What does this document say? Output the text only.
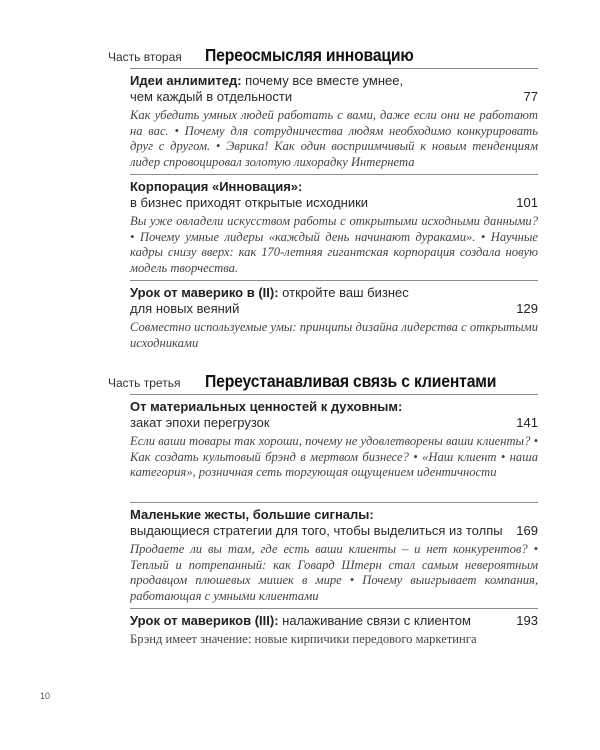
Часть вторая Переосмысляя инновацию
Идеи анлимитед: почему все вместе умнее,
чем каждый в отдельности	77
Как убедить умных людей работать с вами, даже если они не работают на вас. • Почему для сотрудничества людям необходимо конкурировать друг с другом. • Эврика! Как один восприимчивый к новым тенденциям лидер спровоцировал золотую лихорадку Интернета
Корпорация «Инновация»:
в бизнес приходят открытые исходники	101
Вы уже овладели искусством работы с открытыми исходными данными? • Почему умные лидеры «каждый день начинают дураками». • Научные кадры снизу вверх: как 170-летняя гигантская корпорация создала новую модель творчества.
Урок от маверико в (II): откройте ваш бизнес
для новых веяний	129
Совместно используемые умы: принципы дизайна лидерства с открытыми исходниками
Часть третья Переустанавливая связь с клиентами
От материальных ценностей к духовным:
закат эпохи перегрузок	141
Если ваши товары так хороши, почему не удовлетворены ваши клиенты? • Как создать культовый брэнд в мертвом бизнесе? • «Наш клиент • наша категория», розничная сеть торгующая ощущением идентичности
Маленькие жесты, большие сигналы:
выдающиеся стратегии для того, чтобы выделиться из толпы 169
Продаете ли вы там, где есть ваши клиенты – и нет конкурентов? • Теплый и потрепанный: как Говард Штерн стал самым невероятным продавцом плюшевых мишек в мире • Почему выигрывает компания, работающая с умными клиентами
Урок от мавериков (III): налаживание связи с клиентом	193
Брэнд имеет значение: новые кирпичики передового маркетинга
10
